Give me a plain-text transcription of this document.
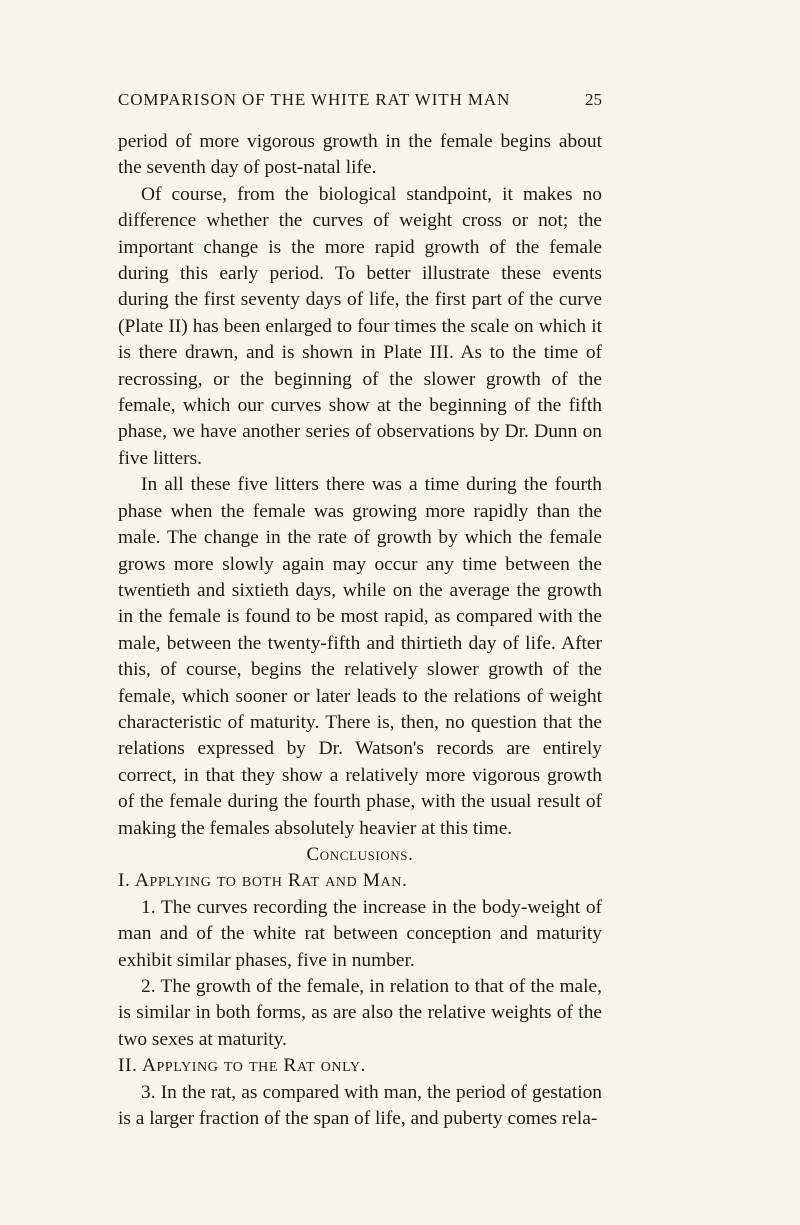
COMPARISON OF THE WHITE RAT WITH MAN	25

period of more vigorous growth in the female begins about the seventh day of post-natal life.

Of course, from the biological standpoint, it makes no difference whether the curves of weight cross or not; the important change is the more rapid growth of the female during this early period. To better illustrate these events during the first seventy days of life, the first part of the curve (Plate II) has been enlarged to four times the scale on which it is there drawn, and is shown in Plate III. As to the time of recrossing, or the beginning of the slower growth of the female, which our curves show at the beginning of the fifth phase, we have another series of observations by Dr. Dunn on five litters.

In all these five litters there was a time during the fourth phase when the female was growing more rapidly than the male. The change in the rate of growth by which the female grows more slowly again may occur any time between the twentieth and sixtieth days, while on the average the growth in the female is found to be most rapid, as compared with the male, between the twenty-fifth and thirtieth day of life. After this, of course, begins the relatively slower growth of the female, which sooner or later leads to the relations of weight characteristic of maturity. There is, then, no question that the relations expressed by Dr. Watson's records are entirely correct, in that they show a relatively more vigorous growth of the female during the fourth phase, with the usual result of making the females absolutely heavier at this time.

Conclusions.

I. Applying to both Rat and Man.

1. The curves recording the increase in the body-weight of man and of the white rat between conception and maturity exhibit similar phases, five in number.

2. The growth of the female, in relation to that of the male, is similar in both forms, as are also the relative weights of the two sexes at maturity.

II. Applying to the Rat only.

3. In the rat, as compared with man, the period of gestation is a larger fraction of the span of life, and puberty comes rela-
